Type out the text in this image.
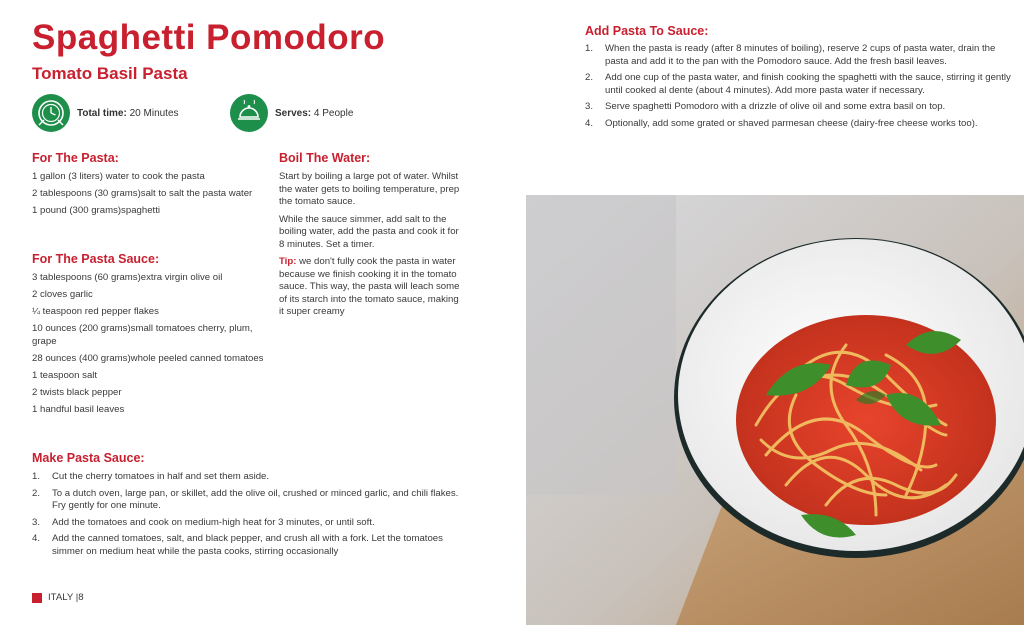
Spaghetti Pomodoro
Tomato Basil Pasta
Total time: 20 Minutes	Serves: 4 People
For The Pasta:

1 gallon (3 liters) water to cook the pasta

2 tablespoons (30 grams)salt to salt the pasta water

1 pound (300 grams)spaghetti

For The Pasta Sauce:

3 tablespoons (60 grams)extra virgin olive oil

2 cloves garlic

¼ teaspoon red pepper flakes

10 ounces (200 grams)small tomatoes cherry, plum, grape

28 ounces (400 grams)whole peeled canned tomatoes

1 teaspoon salt

2 twists black pepper

1 handful basil leaves

Boil The Water:

Start by boiling a large pot of water. Whilst the water gets to boiling temperature, prep the tomato sauce.

While the sauce simmer, add salt to the boiling water, add the pasta and cook it for 8 minutes. Set a timer.

Tip: we don't fully cook the pasta in water because we finish cooking it in the tomato sauce. This way, the pasta will leach some of its starch into the tomato sauce, making it super creamy

Make Pasta Sauce:
1.	Cut the cherry tomatoes in half and set them aside.
2.	To a dutch oven, large pan, or skillet, add the olive oil, crushed or minced garlic, and chili flakes. Fry gently for one minute.
3.	Add the tomatoes and cook on medium-high heat for 3 minutes, or until soft.
4.	Add the canned tomatoes, salt, and black pepper, and crush all with a fork. Let the tomatoes simmer on medium heat while the pasta cooks, stirring occasionally
ITALY |8
Add Pasta To Sauce:
1.	When the pasta is ready (after 8 minutes of boiling), reserve 2 cups of pasta water, drain the pasta and add it to the pan with the Pomodoro sauce. Add the fresh basil leaves.
2.	Add one cup of the pasta water, and finish cooking the spaghetti with the sauce, stirring it gently until cooked al dente (about 4 minutes). Add more pasta water if necessary.
3.	Serve spaghetti Pomodoro with a drizzle of olive oil and some extra basil on top.
4.	Optionally, add some grated or shaved parmesan cheese (dairy-free cheese works too).
